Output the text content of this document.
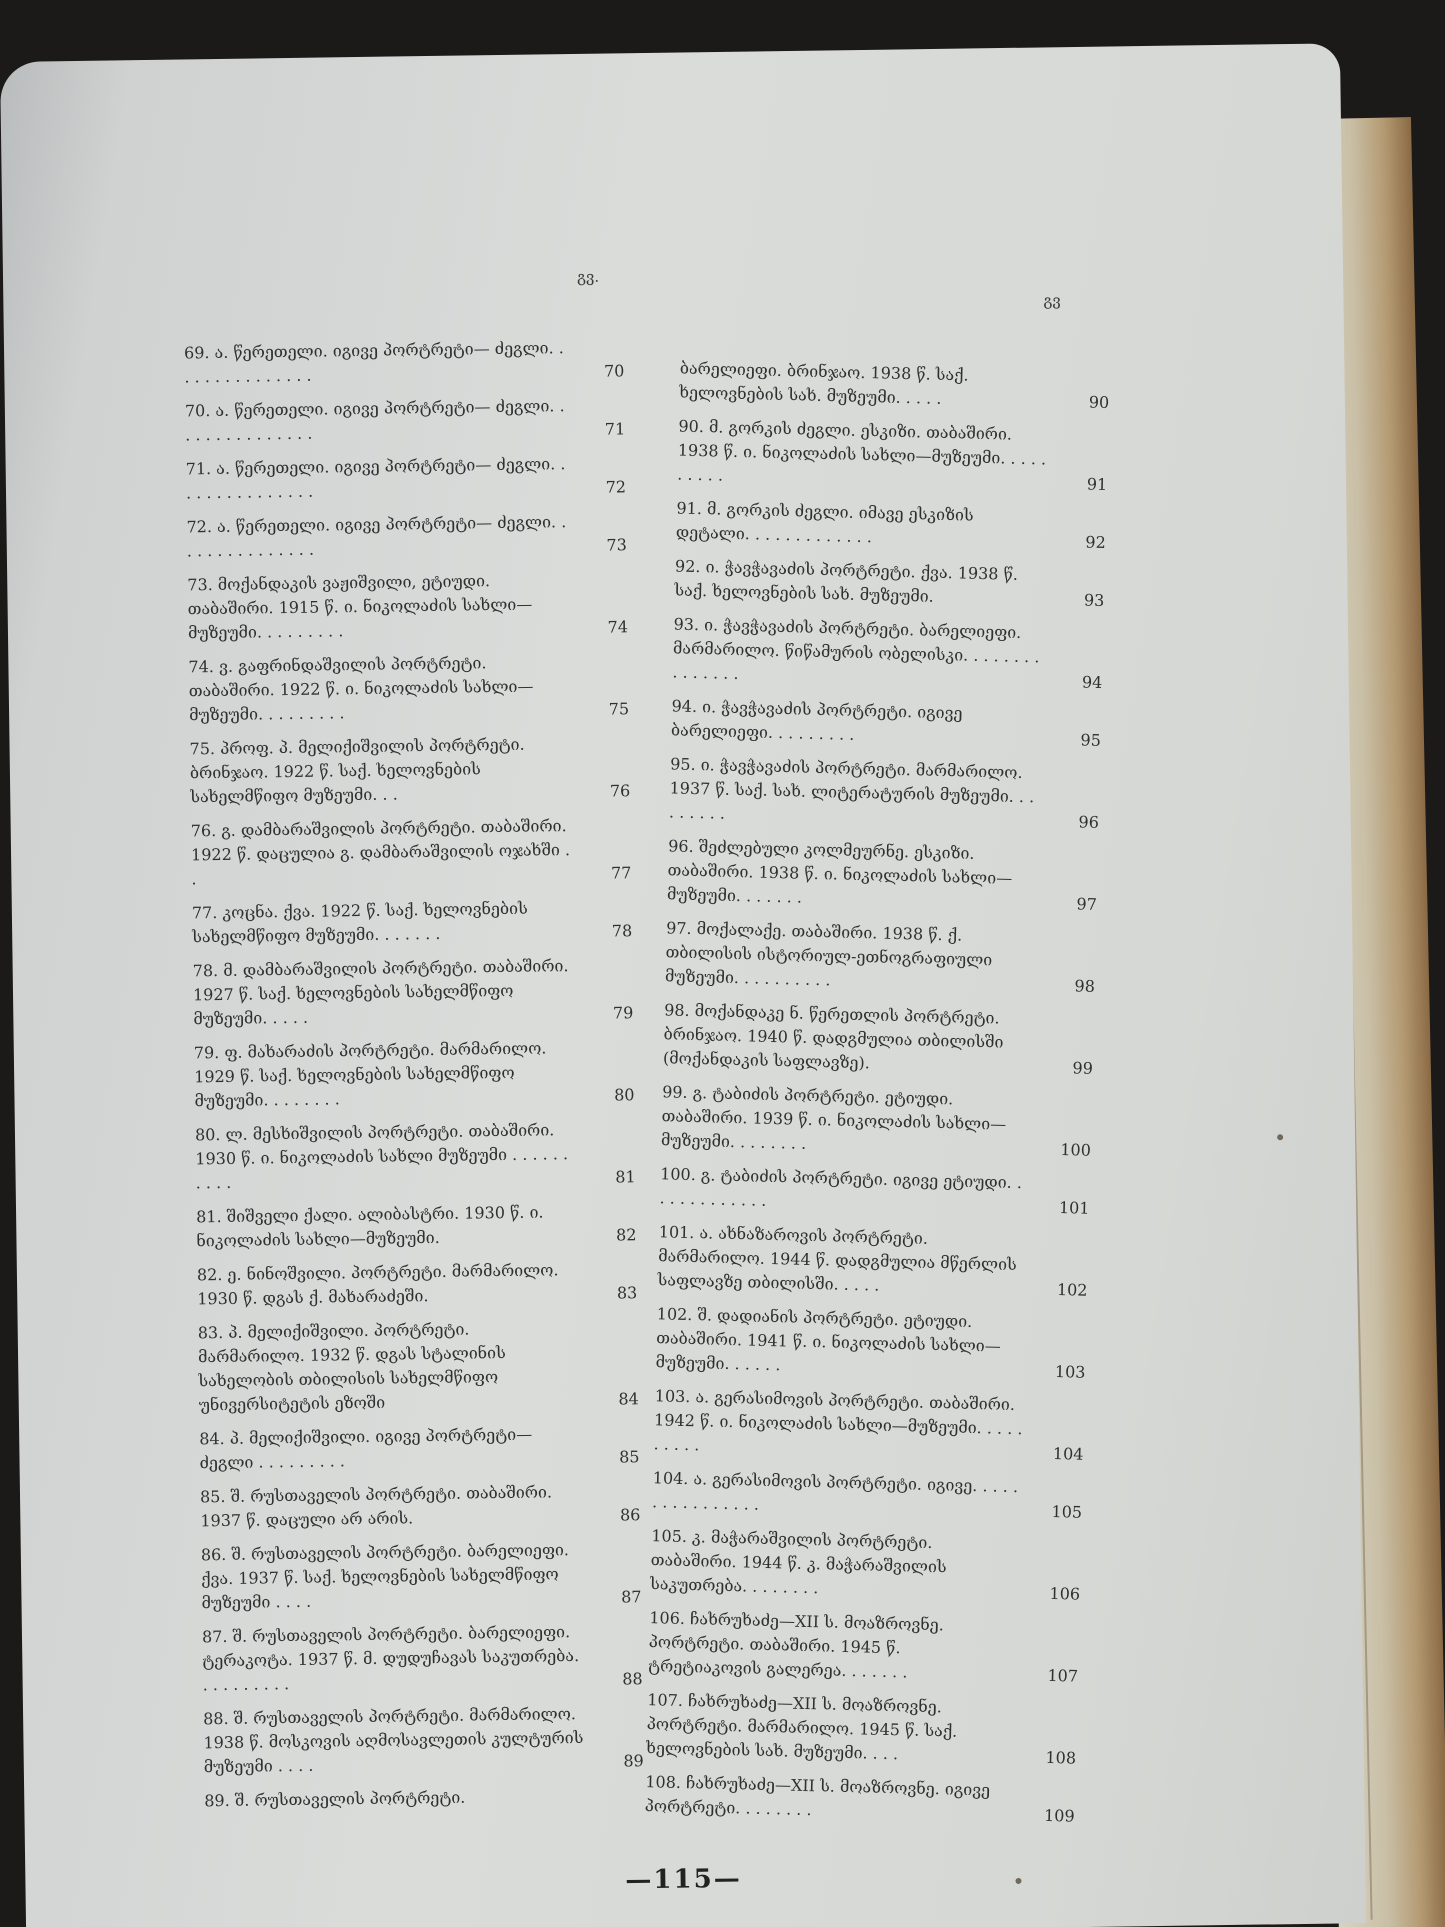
გვ.
გვ
69. ა. წერეთელი. იგივე პორტრეტი— ძეგლი. . . . . . . . . . . . . . .	70
70. ა. წერეთელი. იგივე პორტრეტი— ძეგლი. . . . . . . . . . . . . . .	71
71. ა. წერეთელი. იგივე პორტრეტი— ძეგლი. . . . . . . . . . . . . . .	72
72. ა. წერეთელი. იგივე პორტრეტი— ძეგლი. . . . . . . . . . . . . . .	73
73. მოქანდაკის ვაჟიშვილი, ეტიუდი. თაბაშირი. 1915 წ. ი. ნიკოლაძის სახლი—მუზეუმი. . . . . . . . .	74
74. ვ. გაფრინდაშვილის პორტრეტი. თაბაშირი. 1922 წ. ი. ნიკოლაძის სახლი—მუზეუმი. . . . . . . . .	75
75. პროფ. პ. მელიქიშვილის პორტრეტი. ბრინჯაო. 1922 წ. საქ. ხელოვნების სახელმწიფო მუზეუმი. . .	76
76. გ. დამბარაშვილის პორტრეტი. თაბაშირი. 1922 წ. დაცულია გ. დამბარაშვილის ოჯახში . .	77
77. კოცნა. ქვა. 1922 წ. საქ. ხელოვნების სახელმწიფო მუზეუმი. . . . . . .	78
78. მ. დამბარაშვილის პორტრეტი. თაბაშირი. 1927 წ. საქ. ხელოვნების სახელმწიფო მუზეუმი. . . . .	79
79. ფ. მახარაძის პორტრეტი. მარმარილო. 1929 წ. საქ. ხელოვნების სახელმწიფო მუზეუმი. . . . . . . .	80
80. ლ. მესხიშვილის პორტრეტი. თაბაშირი. 1930 წ. ი. ნიკოლაძის სახლი მუზეუმი . . . . . . . . . .	81
81. შიშველი ქალი. ალიბასტრი. 1930 წ. ი. ნიკოლაძის სახლი—მუზეუმი.	82
82. ე. ნინოშვილი. პორტრეტი. მარმარილო. 1930 წ. დგას ქ. მახარაძეში.	83
83. პ. მელიქიშვილი. პორტრეტი. მარმარილო. 1932 წ. დგას სტალინის სახელობის თბილისის სახელმწიფო უნივერსიტეტის ეზოში	84
84. პ. მელიქიშვილი. იგივე პორტრეტი—ძეგლი . . . . . . . . .	85
85. შ. რუსთაველის პორტრეტი. თაბაშირი. 1937 წ. დაცული არ არის.	86
86. შ. რუსთაველის პორტრეტი. ბარელიეფი. ქვა. 1937 წ. საქ. ხელოვნების სახელმწიფო მუზეუმი . . . .	87
87. შ. რუსთაველის პორტრეტი. ბარელიეფი. ტერაკოტა. 1937 წ. მ. დუდუჩავას საკუთრება. . . . . . . . . .	88
88. შ. რუსთაველის პორტრეტი. მარმარილო. 1938 წ. მოსკოვის აღმოსავლეთის კულტურის მუზეუმი . . . .	89
89. შ. რუსთაველის პორტრეტი.
ბარელიეფი. ბრინჯაო. 1938 წ. საქ. ხელოვნების სახ. მუზეუმი. . . . .	90
90. მ. გორკის ძეგლი. ესკიზი. თაბაშირი. 1938 წ. ი. ნიკოლაძის სახლი—მუზეუმი. . . . . . . . . .	91
91. მ. გორკის ძეგლი. იმავე ესკიზის დეტალი. . . . . . . . . . . . .	92
92. ი. ჭავჭავაძის პორტრეტი. ქვა. 1938 წ. საქ. ხელოვნების სახ. მუზეუმი.	93
93. ი. ჭავჭავაძის პორტრეტი. ბარელიეფი. მარმარილო. წიწამურის ობელისკი. . . . . . . . . . . . . . .	94
94. ი. ჭავჭავაძის პორტრეტი. იგივე ბარელიეფი. . . . . . . . .	95
95. ი. ჭავჭავაძის პორტრეტი. მარმარილო. 1937 წ. საქ. სახ. ლიტერატურის მუზეუმი. . . . . . . . .	96
96. შეძლებული კოლმეურნე. ესკიზი. თაბაშირი. 1938 წ. ი. ნიკოლაძის სახლი—მუზეუმი. . . . . . .	97
97. მოქალაქე. თაბაშირი. 1938 წ. ქ. თბილისის ისტორიულ-ეთნოგრაფიული მუზეუმი. . . . . . . . . .	98
98. მოქანდაკე ნ. წერეთლის პორტრეტი. ბრინჯაო. 1940 წ. დადგმულია თბილისში (მოქანდაკის საფლავზე).	99
99. გ. ტაბიძის პორტრეტი. ეტიუდი. თაბაშირი. 1939 წ. ი. ნიკოლაძის სახლი—მუზეუმი. . . . . . . .	100
100. გ. ტაბიძის პორტრეტი. იგივე ეტიუდი. . . . . . . . . . . . .	101
101. ა. ახნაზაროვის პორტრეტი. მარმარილო. 1944 წ. დადგმულია მწერლის საფლავზე თბილისში. . . . .	102
102. შ. დადიანის პორტრეტი. ეტიუდი. თაბაშირი. 1941 წ. ი. ნიკოლაძის სახლი—მუზეუმი. . . . . .	103
103. ა. გერასიმოვის პორტრეტი. თაბაშირი. 1942 წ. ი. ნიკოლაძის სახლი—მუზეუმი. . . . . . . . . .	104
104. ა. გერასიმოვის პორტრეტი. იგივე. . . . . . . . . . . . . . . .	105
105. კ. მაჭარაშვილის პორტრეტი. თაბაშირი. 1944 წ. კ. მაჭარაშვილის საკუთრება. . . . . . . .	106
106. ჩახრუხაძე—XII ს. მოაზროვნე. პორტრეტი. თაბაშირი. 1945 წ. ტრეტიაკოვის გალერეა. . . . . . .	107
107. ჩახრუხაძე—XII ს. მოაზროვნე. პორტრეტი. მარმარილო. 1945 წ. საქ. ხელოვნების სახ. მუზეუმი. . . .	108
108. ჩახრუხაძე—XII ს. მოაზროვნე. იგივე პორტრეტი. . . . . . . .	109
—115—
